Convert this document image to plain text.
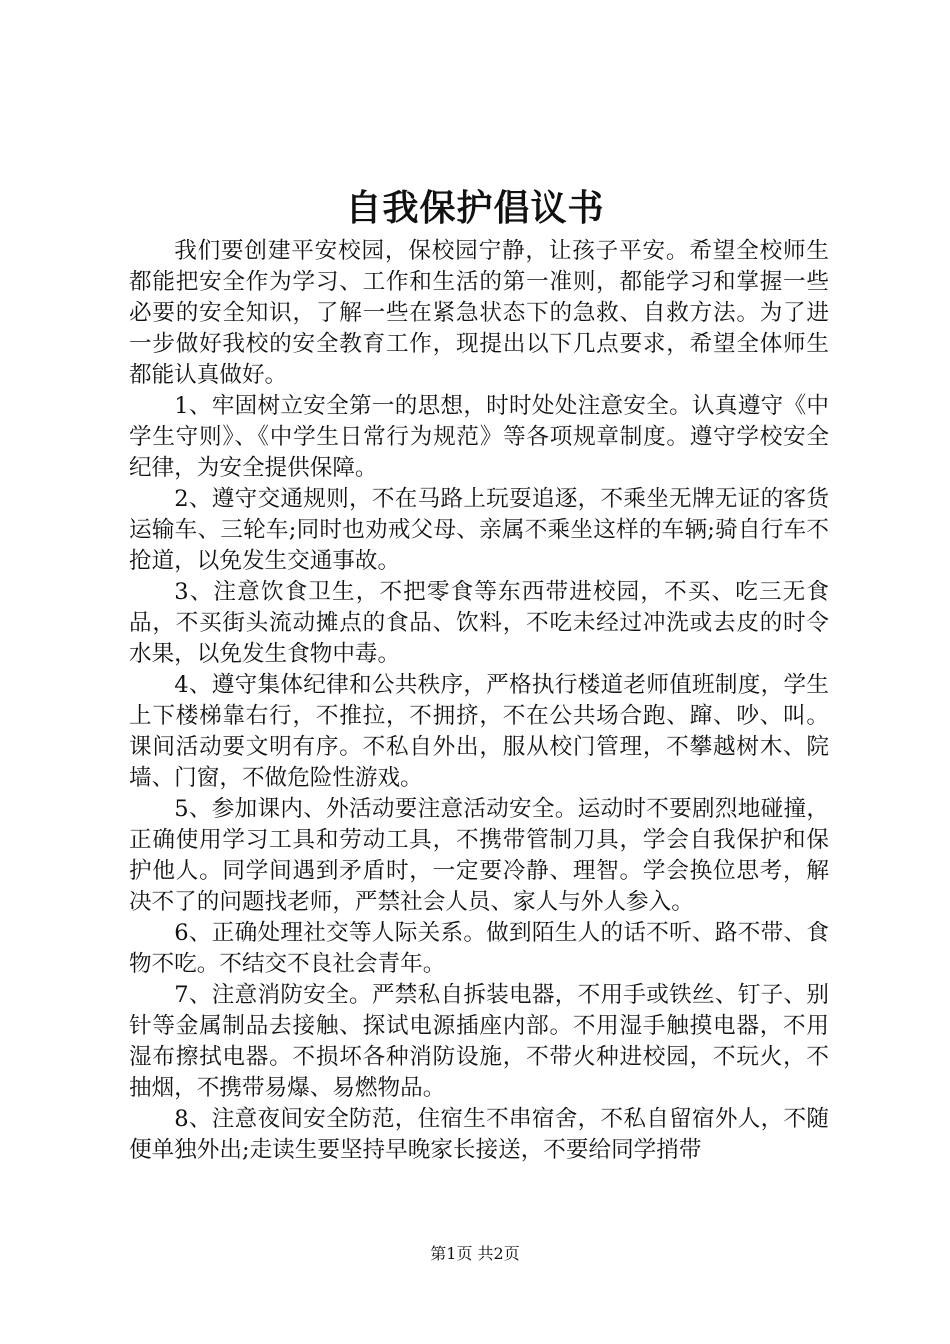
自我保护倡议书

我们要创建平安校园，保校园宁静，让孩子平安。希望全校师生都能把安全作为学习、工作和生活的第一准则，都能学习和掌握一些必要的安全知识，了解一些在紧急状态下的急救、自救方法。为了进一步做好我校的安全教育工作，现提出以下几点要求，希望全体师生都能认真做好。

1、牢固树立安全第一的思想，时时处处注意安全。认真遵守《中学生守则》、《中学生日常行为规范》等各项规章制度。遵守学校安全纪律，为安全提供保障。

2、遵守交通规则，不在马路上玩耍追逐，不乘坐无牌无证的客货运输车、三轮车;同时也劝戒父母、亲属不乘坐这样的车辆;骑自行车不抢道，以免发生交通事故。

3、注意饮食卫生，不把零食等东西带进校园，不买、吃三无食品，不买街头流动摊点的食品、饮料，不吃未经过冲洗或去皮的时令水果，以免发生食物中毒。

4、遵守集体纪律和公共秩序，严格执行楼道老师值班制度，学生上下楼梯靠右行，不推拉，不拥挤，不在公共场合跑、蹿、吵、叫。课间活动要文明有序。不私自外出，服从校门管理，不攀越树木、院墙、门窗，不做危险性游戏。

5、参加课内、外活动要注意活动安全。运动时不要剧烈地碰撞，正确使用学习工具和劳动工具，不携带管制刀具，学会自我保护和保护他人。同学间遇到矛盾时，一定要冷静、理智。学会换位思考，解决不了的问题找老师，严禁社会人员、家人与外人参入。

6、正确处理社交等人际关系。做到陌生人的话不听、路不带、食物不吃。不结交不良社会青年。

7、注意消防安全。严禁私自拆装电器，不用手或铁丝、钉子、别针等金属制品去接触、探试电源插座内部。不用湿手触摸电器，不用湿布擦拭电器。不损坏各种消防设施，不带火种进校园，不玩火，不抽烟，不携带易爆、易燃物品。

8、注意夜间安全防范，住宿生不串宿舍，不私自留宿外人，不随便单独外出;走读生要坚持早晚家长接送，不要给同学捎带

第1页 共2页
